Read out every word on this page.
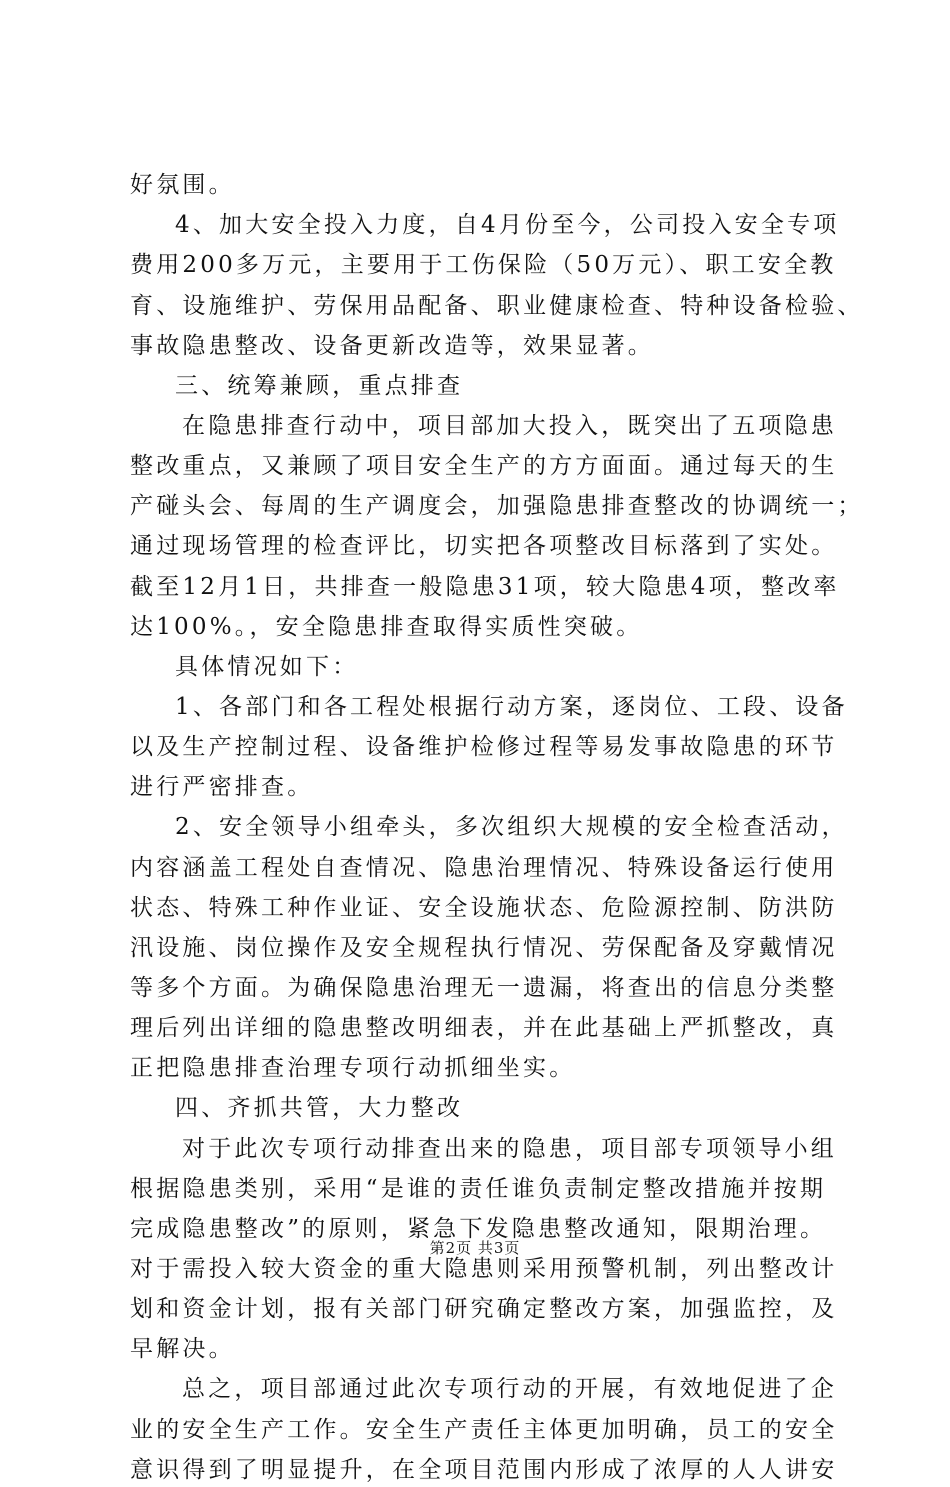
好氛围。
4、加大安全投入力度，自4月份至今，公司投入安全专项
费用200多万元，主要用于工伤保险（50万元）、职工安全教
育、设施维护、劳保用品配备、职业健康检查、特种设备检验、
事故隐患整改、设备更新改造等，效果显著。
三、统筹兼顾，重点排查
在隐患排查行动中，项目部加大投入，既突出了五项隐患
整改重点，又兼顾了项目安全生产的方方面面。通过每天的生
产碰头会、每周的生产调度会，加强隐患排查整改的协调统一；
通过现场管理的检查评比，切实把各项整改目标落到了实处。
截至12月1日，共排查一般隐患31项，较大隐患4项，整改率
达100%。，安全隐患排查取得实质性突破。
具体情况如下：
1、各部门和各工程处根据行动方案，逐岗位、工段、设备
以及生产控制过程、设备维护检修过程等易发事故隐患的环节
进行严密排查。
2、安全领导小组牵头，多次组织大规模的安全检查活动，
内容涵盖工程处自查情况、隐患治理情况、特殊设备运行使用
状态、特殊工种作业证、安全设施状态、危险源控制、防洪防
汛设施、岗位操作及安全规程执行情况、劳保配备及穿戴情况
等多个方面。为确保隐患治理无一遗漏，将查出的信息分类整
理后列出详细的隐患整改明细表，并在此基础上严抓整改，真
正把隐患排查治理专项行动抓细坐实。
四、齐抓共管，大力整改
对于此次专项行动排查出来的隐患，项目部专项领导小组
根据隐患类别，采用“是谁的责任谁负责制定整改措施并按期
完成隐患整改”的原则，紧急下发隐患整改通知，限期治理。
对于需投入较大资金的重大隐患则采用预警机制，列出整改计
划和资金计划，报有关部门研究确定整改方案，加强监控，及
早解决。
总之，项目部通过此次专项行动的开展，有效地促进了企
业的安全生产工作。安全生产责任主体更加明确，员工的安全
意识得到了明显提升，在全项目范围内形成了浓厚的人人讲安
第2页 共3页
